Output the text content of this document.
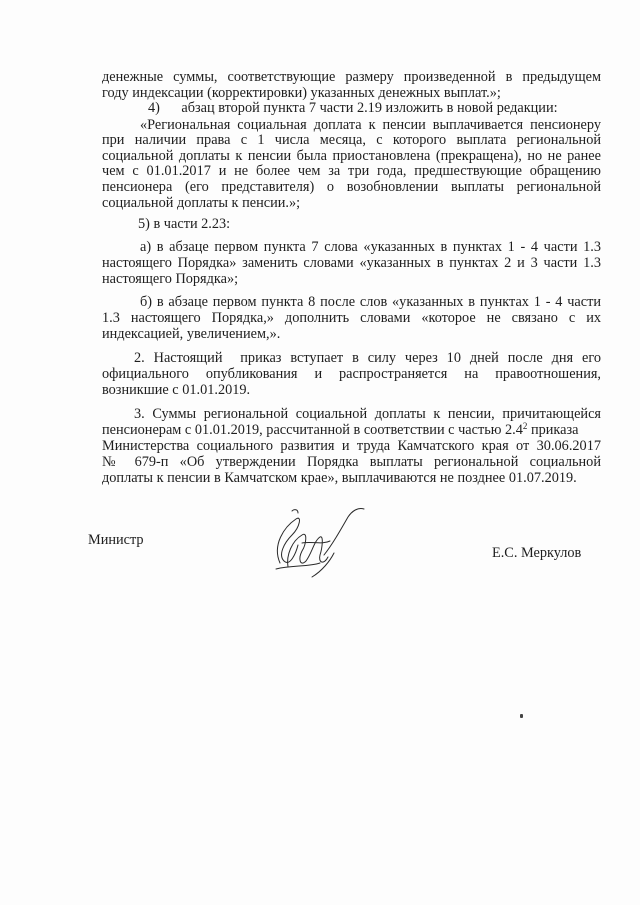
денежные суммы, соответствующие размеру произведенной в предыдущем
году индексации (корректировки) указанных денежных выплат.»;
4)      абзац второй пункта 7 части 2.19 изложить в новой редакции:
«Региональная социальная доплата к пенсии выплачивается пенсионеру
при наличии права с 1 числа месяца, с которого выплата региональной
социальной доплаты к пенсии была приостановлена (прекращена), но не ранее
чем с 01.01.2017 и не более чем за три года, предшествующие обращению
пенсионера (его представителя) о возобновлении выплаты региональной
социальной доплаты к пенсии.»;
5) в части 2.23:
а) в абзаце первом пункта 7 слова «указанных в пунктах 1 - 4 части 1.3
настоящего Порядка» заменить словами «указанных в пунктах 2 и 3 части 1.3
настоящего Порядка»;
б) в абзаце первом пункта 8 после слов «указанных в пунктах 1 - 4 части
1.3 настоящего Порядка,» дополнить словами «которое не связано с их
индексацией, увеличением,».
2. Настоящий  приказ вступает в силу через 10 дней после дня его
официального опубликования и распространяется на правоотношения,
возникшие с 01.01.2019.
3. Суммы региональной социальной доплаты к пенсии, причитающейся
пенсионерам с 01.01.2019, рассчитанной в соответствии с частью $2.4^2$ приказа
Министерства социального развития и труда Камчатского края от 30.06.2017
№ 679-п «Об утверждении Порядка выплаты региональной социальной
доплаты к пенсии в Камчатском крае», выплачиваются не позднее 01.07.2019.
Министр
Е.С. Меркулов
